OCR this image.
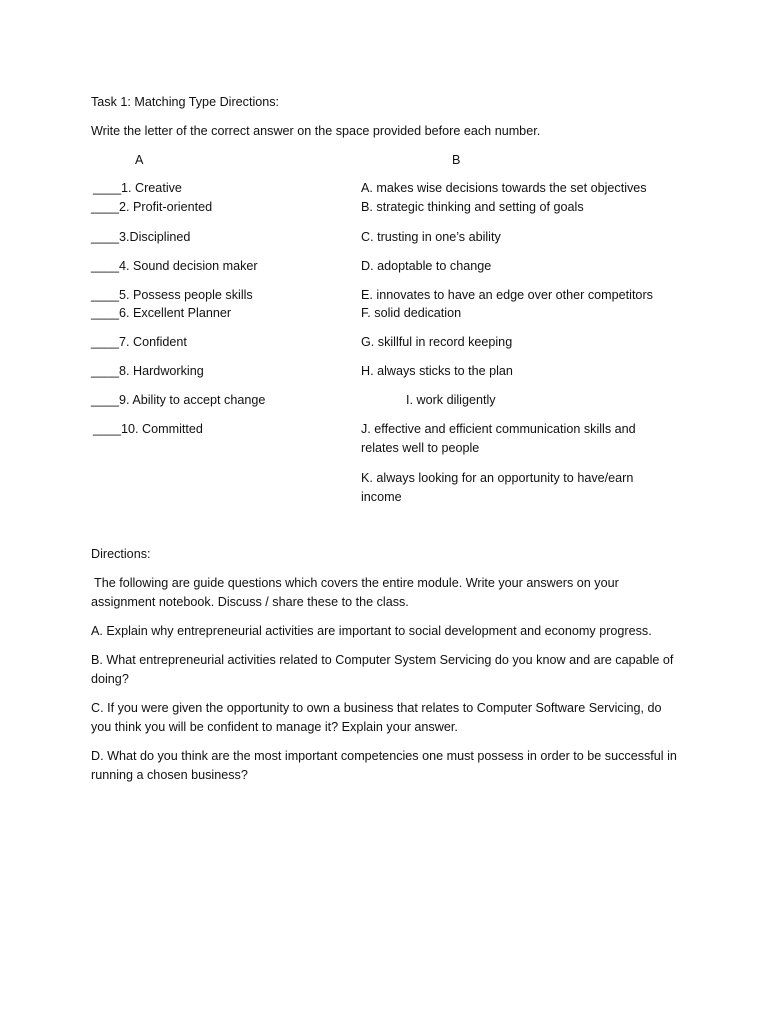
Task 1: Matching Type Directions:
Write the letter of the correct answer on the space provided before each number.
A	B
____1. Creative
____2. Profit-oriented
____3.Disciplined
____4. Sound decision maker
____5. Possess people skills
____6. Excellent Planner
____7. Confident
____8. Hardworking
____9. Ability to accept change
____10. Committed
A. makes wise decisions towards the set objectives
B. strategic thinking and setting of goals
C. trusting in one’s ability
D. adoptable to change
E. innovates to have an edge over other competitors
F. solid dedication
G. skillful in record keeping
H. always sticks to the plan
I. work diligently
J. effective and efficient communication skills and relates well to people
K. always looking for an opportunity to have/earn income
Directions:
The following are guide questions which covers the entire module. Write your answers on your assignment notebook. Discuss / share these to the class.
A. Explain why entrepreneurial activities are important to social development and economy progress.
B. What entrepreneurial activities related to Computer System Servicing do you know and are capable of doing?
C. If you were given the opportunity to own a business that relates to Computer Software Servicing, do you think you will be confident to manage it? Explain your answer.
D. What do you think are the most important competencies one must possess in order to be successful in running a chosen business?
